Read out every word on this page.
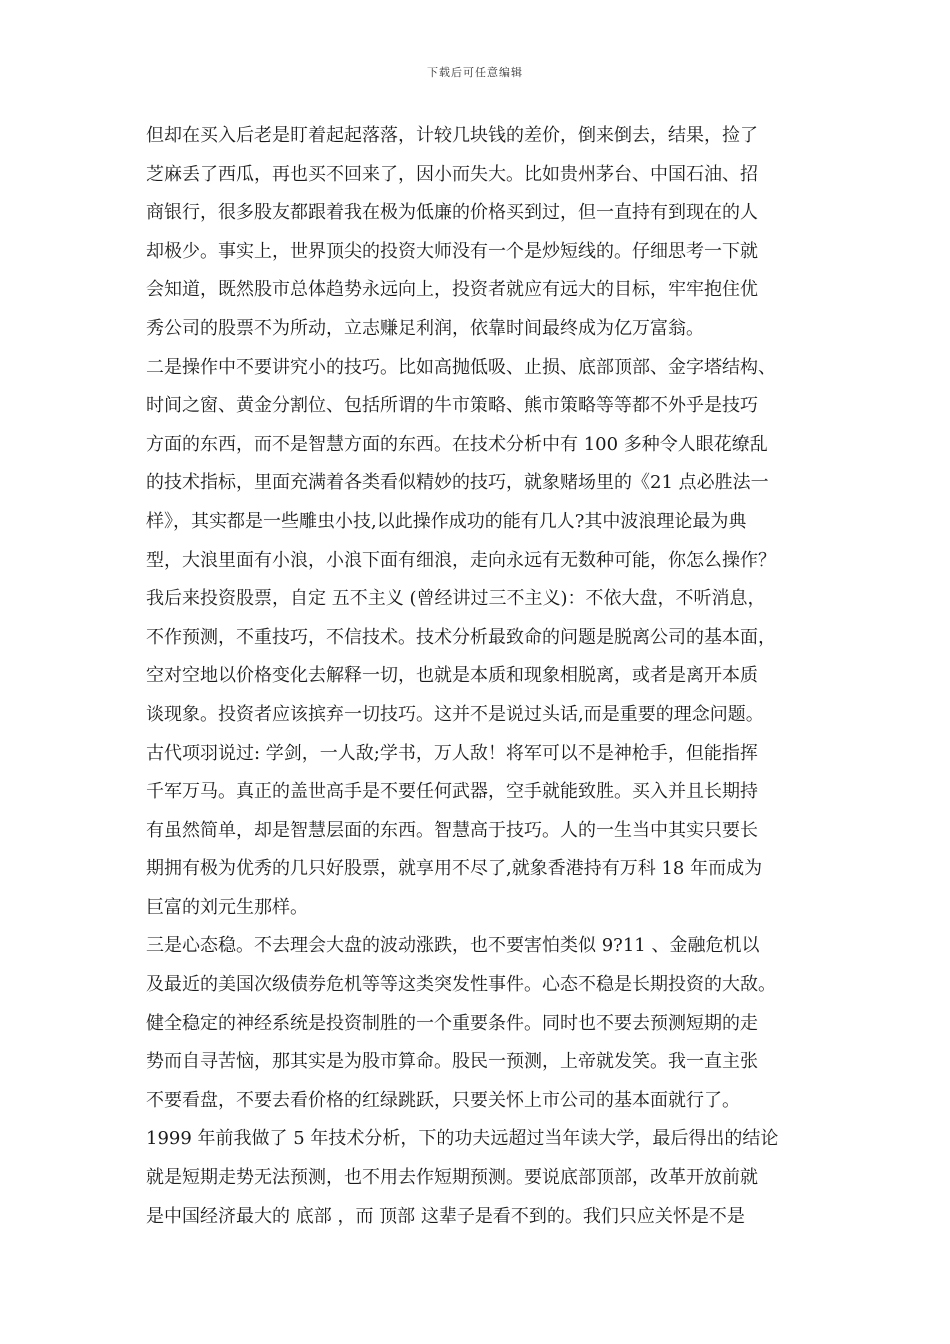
下载后可任意编辑
但却在买入后老是盯着起起落落，计较几块钱的差价，倒来倒去，结果，捡了
芝麻丢了西瓜，再也买不回来了，因小而失大。比如贵州茅台、中国石油、招
商银行，很多股友都跟着我在极为低廉的价格买到过，但一直持有到现在的人
却极少。事实上，世界顶尖的投资大师没有一个是炒短线的。仔细思考一下就
会知道，既然股市总体趋势永远向上，投资者就应有远大的目标，牢牢抱住优
秀公司的股票不为所动，立志赚足利润，依靠时间最终成为亿万富翁。
二是操作中不要讲究小的技巧。比如高抛低吸、止损、底部顶部、金字塔结构、
时间之窗、黄金分割位、包括所谓的牛市策略、熊市策略等等都不外乎是技巧
方面的东西，而不是智慧方面的东西。在技术分析中有 100 多种令人眼花缭乱
的技术指标，里面充满着各类看似精妙的技巧，就象赌场里的《21 点必胜法一
样》，其实都是一些雕虫小技,以此操作成功的能有几人?其中波浪理论最为典
型，大浪里面有小浪，小浪下面有细浪，走向永远有无数种可能，你怎么操作？
我后来投资股票，自定 五不主义 (曾经讲过三不主义)：不依大盘，不听消息，
不作预测，不重技巧，不信技术。技术分析最致命的问题是脱离公司的基本面，
空对空地以价格变化去解释一切，也就是本质和现象相脱离，或者是离开本质
谈现象。投资者应该摈弃一切技巧。这并不是说过头话,而是重要的理念问题。
古代项羽说过: 学剑，一人敌;学书，万人敌！将军可以不是神枪手，但能指挥
千军万马。真正的盖世高手是不要任何武器，空手就能致胜。买入并且长期持
有虽然简单，却是智慧层面的东西。智慧高于技巧。人的一生当中其实只要长
期拥有极为优秀的几只好股票，就享用不尽了,就象香港持有万科 18 年而成为
巨富的刘元生那样。
三是心态稳。不去理会大盘的波动涨跌，也不要害怕类似 9?11 、金融危机以
及最近的美国次级债券危机等等这类突发性事件。心态不稳是长期投资的大敌。
健全稳定的神经系统是投资制胜的一个重要条件。同时也不要去预测短期的走
势而自寻苦恼，那其实是为股市算命。股民一预测，上帝就发笑。我一直主张
不要看盘，不要去看价格的红绿跳跃，只要关怀上市公司的基本面就行了。
1999 年前我做了 5 年技术分析，下的功夫远超过当年读大学，最后得出的结论
就是短期走势无法预测，也不用去作短期预测。要说底部顶部，改革开放前就
是中国经济最大的 底部 ，而 顶部 这辈子是看不到的。我们只应关怀是不是
